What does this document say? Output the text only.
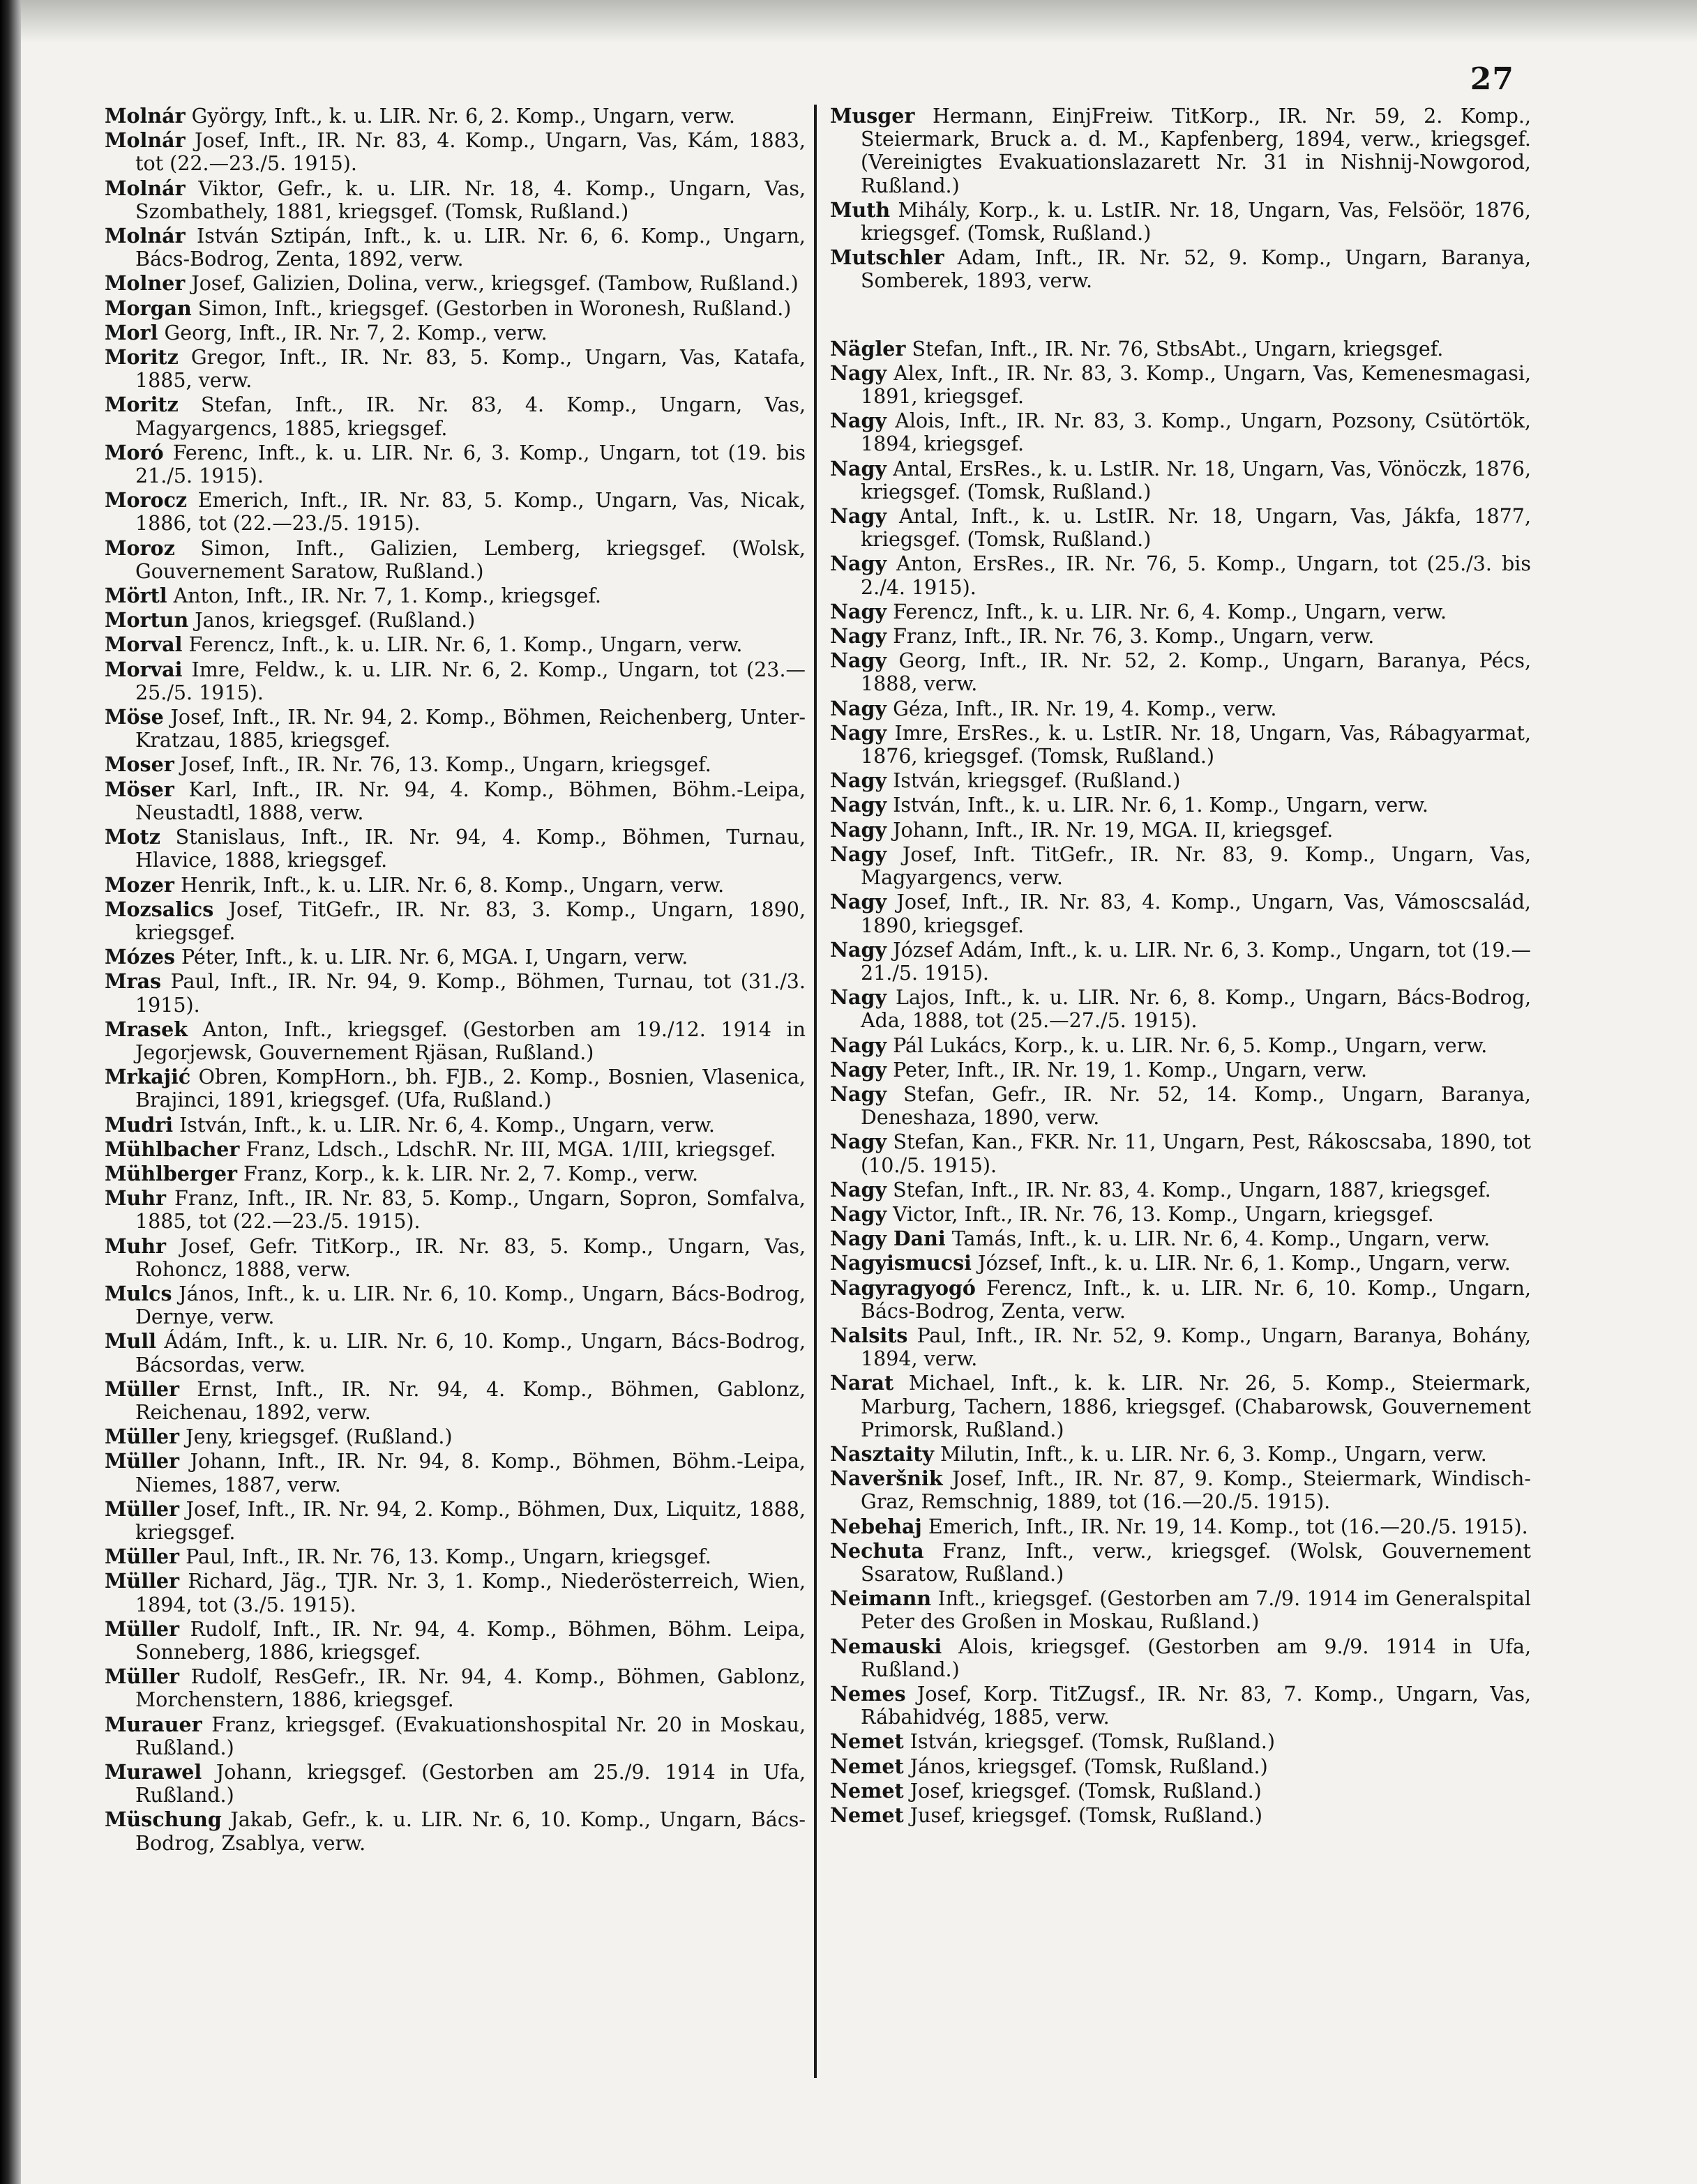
27
Molnár György, Inft., k. u. LIR. Nr. 6, 2. Komp., Ungarn, verw.
Molnár Josef, Inft., IR. Nr. 83, 4. Komp., Ungarn, Vas, Kám, 1883, tot (22.—23./5. 1915).
Molnár Viktor, Gefr., k. u. LIR. Nr. 18, 4. Komp., Ungarn, Vas, Szombathely, 1881, kriegsgef. (Tomsk, Rußland.)
Molnár István Sztipán, Inft., k. u. LIR. Nr. 6, 6. Komp., Ungarn, Bács-Bodrog, Zenta, 1892, verw.
Molner Josef, Galizien, Dolina, verw., kriegsgef. (Tambow, Rußland.)
Morgan Simon, Inft., kriegsgef. (Gestorben in Woronesh, Rußland.)
Morl Georg, Inft., IR. Nr. 7, 2. Komp., verw.
Moritz Gregor, Inft., IR. Nr. 83, 5. Komp., Ungarn, Vas, Katafa, 1885, verw.
Moritz Stefan, Inft., IR. Nr. 83, 4. Komp., Ungarn, Vas, Magyargencs, 1885, kriegsgef.
Moró Ferenc, Inft., k. u. LIR. Nr. 6, 3. Komp., Ungarn, tot (19. bis 21./5. 1915).
Morocz Emerich, Inft., IR. Nr. 83, 5. Komp., Ungarn, Vas, Nicak, 1886, tot (22.—23./5. 1915).
Moroz Simon, Inft., Galizien, Lemberg, kriegsgef. (Wolsk, Gouvernement Saratow, Rußland.)
Mörtl Anton, Inft., IR. Nr. 7, 1. Komp., kriegsgef.
Mortun Janos, kriegsgef. (Rußland.)
Morval Ferencz, Inft., k. u. LIR. Nr. 6, 1. Komp., Ungarn, verw.
Morvai Imre, Feldw., k. u. LIR. Nr. 6, 2. Komp., Ungarn, tot (23.—25./5. 1915).
Möse Josef, Inft., IR. Nr. 94, 2. Komp., Böhmen, Reichenberg, Unter-Kratzau, 1885, kriegsgef.
Moser Josef, Inft., IR. Nr. 76, 13. Komp., Ungarn, kriegsgef.
Möser Karl, Inft., IR. Nr. 94, 4. Komp., Böhmen, Böhm.-Leipa, Neustadtl, 1888, verw.
Motz Stanislaus, Inft., IR. Nr. 94, 4. Komp., Böhmen, Turnau, Hlavice, 1888, kriegsgef.
Mozer Henrik, Inft., k. u. LIR. Nr. 6, 8. Komp., Ungarn, verw.
Mozsalics Josef, TitGefr., IR. Nr. 83, 3. Komp., Ungarn, 1890, kriegsgef.
Mózes Péter, Inft., k. u. LIR. Nr. 6, MGA. I, Ungarn, verw.
Mras Paul, Inft., IR. Nr. 94, 9. Komp., Böhmen, Turnau, tot (31./3. 1915).
Mrasek Anton, Inft., kriegsgef. (Gestorben am 19./12. 1914 in Jegorjewsk, Gouvernement Rjäsan, Rußland.)
Mrkajić Obren, KompHorn., bh. FJB., 2. Komp., Bosnien, Vlasenica, Brajinci, 1891, kriegsgef. (Ufa, Rußland.)
Mudri István, Inft., k. u. LIR. Nr. 6, 4. Komp., Ungarn, verw.
Mühlbacher Franz, Ldsch., LdschR. Nr. III, MGA. 1/III, kriegsgef.
Mühlberger Franz, Korp., k. k. LIR. Nr. 2, 7. Komp., verw.
Muhr Franz, Inft., IR. Nr. 83, 5. Komp., Ungarn, Sopron, Somfalva, 1885, tot (22.—23./5. 1915).
Muhr Josef, Gefr. TitKorp., IR. Nr. 83, 5. Komp., Ungarn, Vas, Rohoncz, 1888, verw.
Mulcs János, Inft., k. u. LIR. Nr. 6, 10. Komp., Ungarn, Bács-Bodrog, Dernye, verw.
Mull Ádám, Inft., k. u. LIR. Nr. 6, 10. Komp., Ungarn, Bács-Bodrog, Bácsordas, verw.
Müller Ernst, Inft., IR. Nr. 94, 4. Komp., Böhmen, Gablonz, Reichenau, 1892, verw.
Müller Jeny, kriegsgef. (Rußland.)
Müller Johann, Inft., IR. Nr. 94, 8. Komp., Böhmen, Böhm.-Leipa, Niemes, 1887, verw.
Müller Josef, Inft., IR. Nr. 94, 2. Komp., Böhmen, Dux, Liquitz, 1888, kriegsgef.
Müller Paul, Inft., IR. Nr. 76, 13. Komp., Ungarn, kriegsgef.
Müller Richard, Jäg., TJR. Nr. 3, 1. Komp., Niederösterreich, Wien, 1894, tot (3./5. 1915).
Müller Rudolf, Inft., IR. Nr. 94, 4. Komp., Böhmen, Böhm. Leipa, Sonneberg, 1886, kriegsgef.
Müller Rudolf, ResGefr., IR. Nr. 94, 4. Komp., Böhmen, Gablonz, Morchenstern, 1886, kriegsgef.
Murauer Franz, kriegsgef. (Evakuationshospital Nr. 20 in Moskau, Rußland.)
Murawel Johann, kriegsgef. (Gestorben am 25./9. 1914 in Ufa, Rußland.)
Müschung Jakab, Gefr., k. u. LIR. Nr. 6, 10. Komp., Ungarn, Bács-Bodrog, Zsablya, verw.
Musger Hermann, EinjFreiw. TitKorp., IR. Nr. 59, 2. Komp., Steiermark, Bruck a. d. M., Kapfenberg, 1894, verw., kriegsgef. (Vereinigtes Evakuationslazarett Nr. 31 in Nishnij-Nowgorod, Rußland.)
Muth Mihály, Korp., k. u. LstIR. Nr. 18, Ungarn, Vas, Felsöör, 1876, kriegsgef. (Tomsk, Rußland.)
Mutschler Adam, Inft., IR. Nr. 52, 9. Komp., Ungarn, Baranya, Somberek, 1893, verw.
Nägler Stefan, Inft., IR. Nr. 76, StbsAbt., Ungarn, kriegsgef.
Nagy Alex, Inft., IR. Nr. 83, 3. Komp., Ungarn, Vas, Kemenesmagasi, 1891, kriegsgef.
Nagy Alois, Inft., IR. Nr. 83, 3. Komp., Ungarn, Pozsony, Csütörtök, 1894, kriegsgef.
Nagy Antal, ErsRes., k. u. LstIR. Nr. 18, Ungarn, Vas, Vönöczk, 1876, kriegsgef. (Tomsk, Rußland.)
Nagy Antal, Inft., k. u. LstIR. Nr. 18, Ungarn, Vas, Jákfa, 1877, kriegsgef. (Tomsk, Rußland.)
Nagy Anton, ErsRes., IR. Nr. 76, 5. Komp., Ungarn, tot (25./3. bis 2./4. 1915).
Nagy Ferencz, Inft., k. u. LIR. Nr. 6, 4. Komp., Ungarn, verw.
Nagy Franz, Inft., IR. Nr. 76, 3. Komp., Ungarn, verw.
Nagy Georg, Inft., IR. Nr. 52, 2. Komp., Ungarn, Baranya, Pécs, 1888, verw.
Nagy Géza, Inft., IR. Nr. 19, 4. Komp., verw.
Nagy Imre, ErsRes., k. u. LstIR. Nr. 18, Ungarn, Vas, Rábagyarmat, 1876, kriegsgef. (Tomsk, Rußland.)
Nagy István, kriegsgef. (Rußland.)
Nagy István, Inft., k. u. LIR. Nr. 6, 1. Komp., Ungarn, verw.
Nagy Johann, Inft., IR. Nr. 19, MGA. II, kriegsgef.
Nagy Josef, Inft. TitGefr., IR. Nr. 83, 9. Komp., Ungarn, Vas, Magyargencs, verw.
Nagy Josef, Inft., IR. Nr. 83, 4. Komp., Ungarn, Vas, Vámoscsalád, 1890, kriegsgef.
Nagy József Adám, Inft., k. u. LIR. Nr. 6, 3. Komp., Ungarn, tot (19.—21./5. 1915).
Nagy Lajos, Inft., k. u. LIR. Nr. 6, 8. Komp., Ungarn, Bács-Bodrog, Ada, 1888, tot (25.—27./5. 1915).
Nagy Pál Lukács, Korp., k. u. LIR. Nr. 6, 5. Komp., Ungarn, verw.
Nagy Peter, Inft., IR. Nr. 19, 1. Komp., Ungarn, verw.
Nagy Stefan, Gefr., IR. Nr. 52, 14. Komp., Ungarn, Baranya, Deneshaza, 1890, verw.
Nagy Stefan, Kan., FKR. Nr. 11, Ungarn, Pest, Rákoscsaba, 1890, tot (10./5. 1915).
Nagy Stefan, Inft., IR. Nr. 83, 4. Komp., Ungarn, 1887, kriegsgef.
Nagy Victor, Inft., IR. Nr. 76, 13. Komp., Ungarn, kriegsgef.
Nagy Dani Tamás, Inft., k. u. LIR. Nr. 6, 4. Komp., Ungarn, verw.
Nagyismucsi József, Inft., k. u. LIR. Nr. 6, 1. Komp., Ungarn, verw.
Nagyragyogó Ferencz, Inft., k. u. LIR. Nr. 6, 10. Komp., Ungarn, Bács-Bodrog, Zenta, verw.
Nalsits Paul, Inft., IR. Nr. 52, 9. Komp., Ungarn, Baranya, Bohány, 1894, verw.
Narat Michael, Inft., k. k. LIR. Nr. 26, 5. Komp., Steiermark, Marburg, Tachern, 1886, kriegsgef. (Chabarowsk, Gouvernement Primorsk, Rußland.)
Nasztaity Milutin, Inft., k. u. LIR. Nr. 6, 3. Komp., Ungarn, verw.
Naveršnik Josef, Inft., IR. Nr. 87, 9. Komp., Steiermark, Windisch-Graz, Remschnig, 1889, tot (16.—20./5. 1915).
Nebehaj Emerich, Inft., IR. Nr. 19, 14. Komp., tot (16.—20./5. 1915).
Nechuta Franz, Inft., verw., kriegsgef. (Wolsk, Gouvernement Ssaratow, Rußland.)
Neimann Inft., kriegsgef. (Gestorben am 7./9. 1914 im Generalspital Peter des Großen in Moskau, Rußland.)
Nemauski Alois, kriegsgef. (Gestorben am 9./9. 1914 in Ufa, Rußland.)
Nemes Josef, Korp. TitZugsf., IR. Nr. 83, 7. Komp., Ungarn, Vas, Rábahidvég, 1885, verw.
Nemet István, kriegsgef. (Tomsk, Rußland.)
Nemet János, kriegsgef. (Tomsk, Rußland.)
Nemet Josef, kriegsgef. (Tomsk, Rußland.)
Nemet Jusef, kriegsgef. (Tomsk, Rußland.)
